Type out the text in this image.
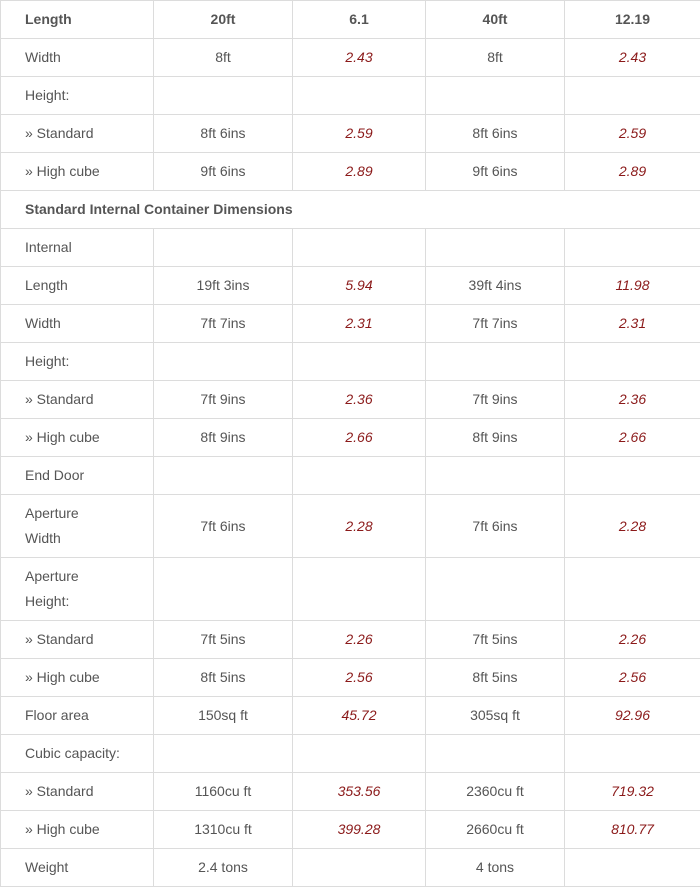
Length	20ft	6.1	40ft	12.19
Width	8ft	2.43	8ft	2.43
Height:				
» Standard	8ft 6ins	2.59	8ft 6ins	2.59
» High cube	9ft 6ins	2.89	9ft 6ins	2.89
Standard Internal Container Dimensions				
Internal				
Length	19ft 3ins	5.94	39ft 4ins	11.98
Width	7ft 7ins	2.31	7ft 7ins	2.31
Height:				
» Standard	7ft 9ins	2.36	7ft 9ins	2.36
» High cube	8ft 9ins	2.66	8ft 9ins	2.66
End Door				
Aperture
Width	7ft 6ins	2.28	7ft 6ins	2.28
Aperture
Height:				
» Standard	7ft 5ins	2.26	7ft 5ins	2.26
» High cube	8ft 5ins	2.56	8ft 5ins	2.56
Floor area	150sq ft	45.72	305sq ft	92.96
Cubic capacity:				
» Standard	1160cu ft	353.56	2360cu ft	719.32
» High cube	1310cu ft	399.28	2660cu ft	810.77
Weight	2.4 tons		4 tons	
